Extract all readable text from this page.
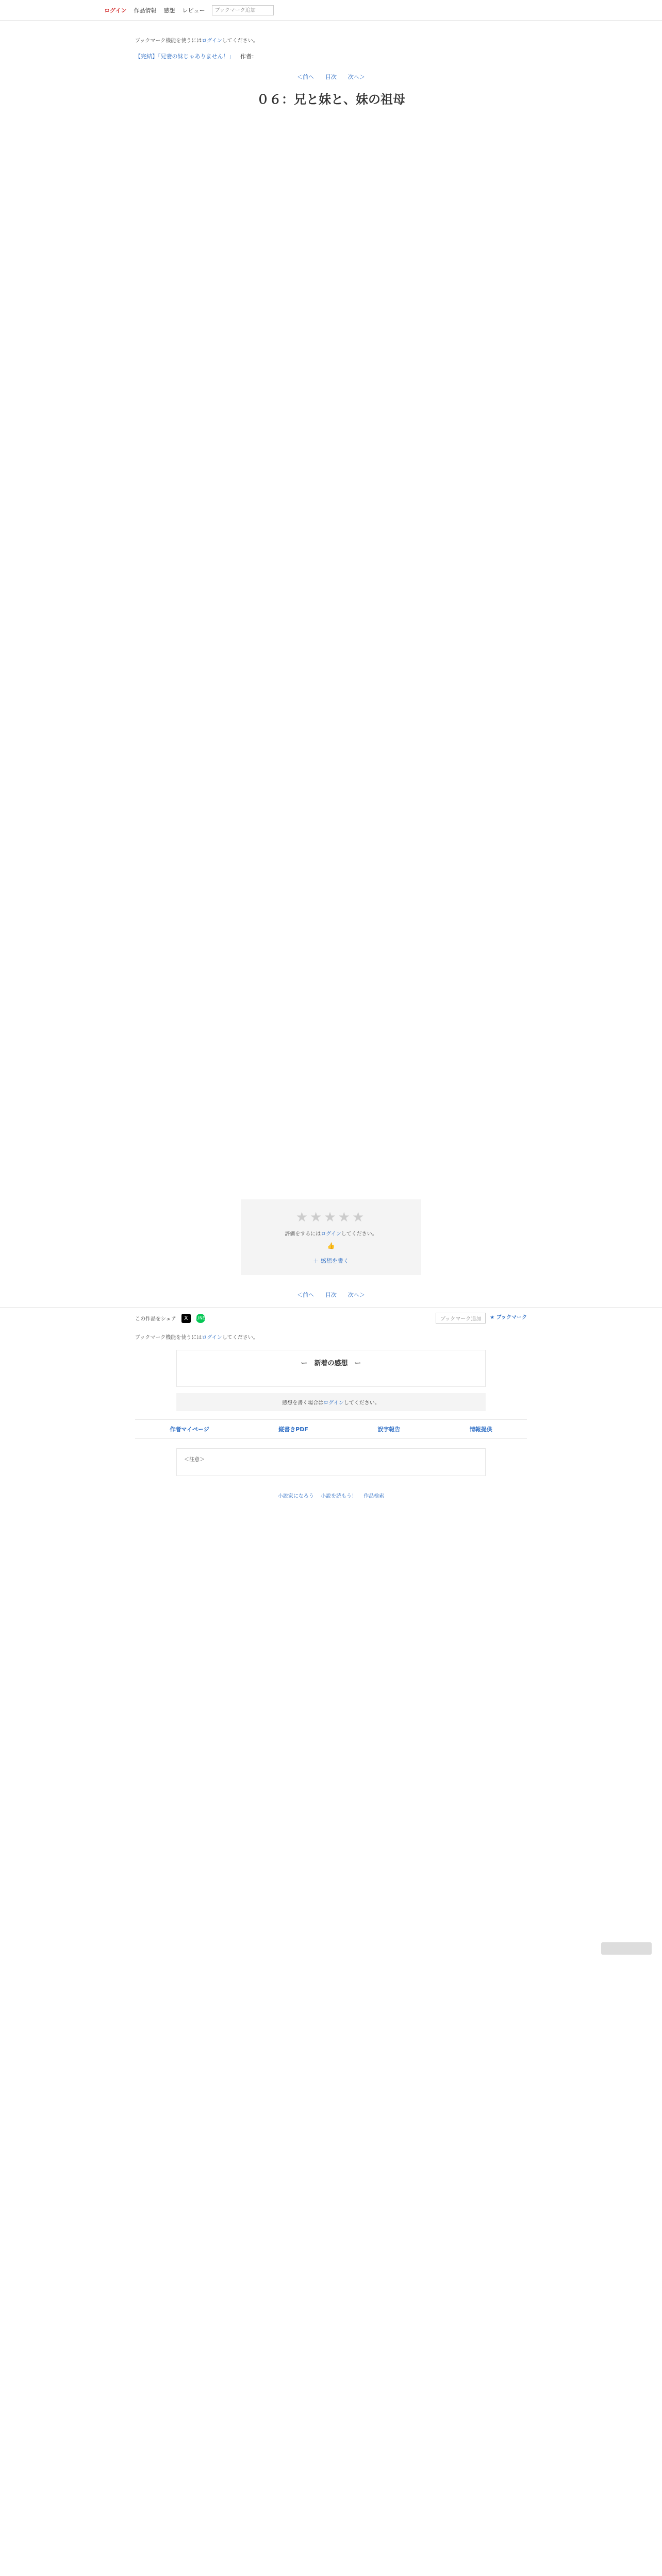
ログイン 作品情報 感想 レビュー	ブックマーク追加
ブックマーク機能を使うにはログインしてください。
【完結】「兄妻の妹じゃありません！」 作者：
＜前へ 目次 次へ＞
０６：兄と妹と、妹の祖母

★★★★★
評価をするにはログインしてください。
👍
＋ 感想を書く
＜前へ 目次 次へ＞
この作品をシェア	X	LINE	ブックマーク追加	★ ブックマーク
ブックマーク機能を使うにはログインしてください。
ー　新着の感想　ー

感想を書く場合はログインしてください。
作者マイページ	縦書きPDF	誤字報告	情報提供
＜注意＞
小説家になろう　 小説を読もう！　 作品検索
